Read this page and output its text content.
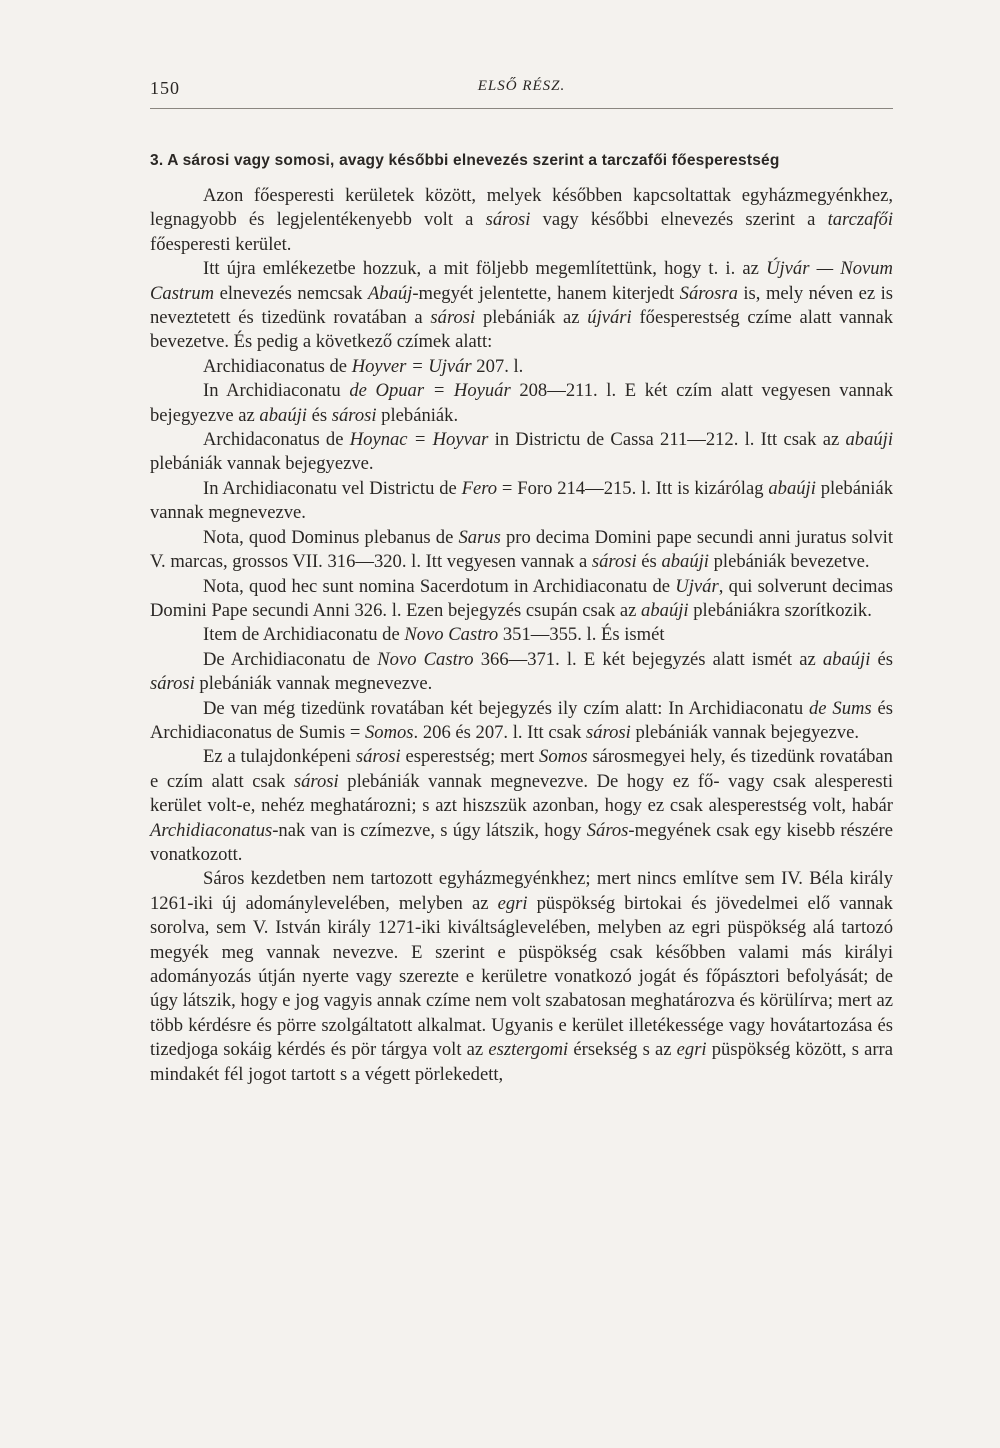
150	ELSŐ RÉSZ.
3. A sárosi vagy somosi, avagy későbbi elnevezés szerint a tarczafői főesperestség

Azon főesperesti kerületek között, melyek későbben kapcsoltattak egyházmegyénkhez, legnagyobb és legjelentékenyebb volt a sárosi vagy későbbi elnevezés szerint a tarczafői főesperesti kerület.

Itt újra emlékezetbe hozzuk, a mit följebb megemlítettünk, hogy t. i. az Újvár — Novum Castrum elnevezés nemcsak Abaúj-megyét jelentette, hanem kiterjedt Sárosra is, mely néven ez is neveztetett és tizedünk rovatában a sárosi plebániák az újvári főesperestség czíme alatt vannak bevezetve. És pedig a következő czímek alatt:

Archidiaconatus de Hoyver = Ujvár 207. l.

In Archidiaconatu de Opuar = Hoyuár 208—211. l. E két czím alatt vegyesen vannak bejegyezve az abaúji és sárosi plebániák.

Archidaconatus de Hoynac = Hoyvar in Districtu de Cassa 211—212. l. Itt csak az abaúji plebániák vannak bejegyezve.

In Archidiaconatu vel Districtu de Fero = Foro 214—215. l. Itt is kizárólag abaúji plebániák vannak megnevezve.

Nota, quod Dominus plebanus de Sarus pro decima Domini pape secundi anni juratus solvit V. marcas, grossos VII. 316—320. l. Itt vegyesen vannak a sárosi és abaúji plebániák bevezetve.

Nota, quod hec sunt nomina Sacerdotum in Archidiaconatu de Ujvár, qui solverunt decimas Domini Pape secundi Anni 326. l. Ezen bejegyzés csupán csak az abaúji plebániákra szorítkozik.

Item de Archidiaconatu de Novo Castro 351—355. l. És ismét

De Archidiaconatu de Novo Castro 366—371. l. E két bejegyzés alatt ismét az abaúji és sárosi plebániák vannak megnevezve.

De van még tizedünk rovatában két bejegyzés ily czím alatt: In Archidiaconatu de Sums és Archidiaconatus de Sumis = Somos. 206 és 207. l. Itt csak sárosi plebániák vannak bejegyezve.

Ez a tulajdonképeni sárosi esperestség; mert Somos sárosmegyei hely, és tizedünk rovatában e czím alatt csak sárosi plebániák vannak megnevezve. De hogy ez fő- vagy csak alesperesti kerület volt-e, nehéz meghatározni; s azt hiszszük azonban, hogy ez csak alesperestség volt, habár Archidiaconatus-nak van is czímezve, s úgy látszik, hogy Sáros-megyének csak egy kisebb részére vonatkozott.

Sáros kezdetben nem tartozott egyházmegyénkhez; mert nincs említve sem IV. Béla király 1261-iki új adománylevelében, melyben az egri püspökség birtokai és jövedelmei elő vannak sorolva, sem V. István király 1271-iki kiváltságlevelében, melyben az egri püspökség alá tartozó megyék meg vannak nevezve. E szerint e püspökség csak későbben valami más királyi adományozás útján nyerte vagy szerezte e kerületre vonatkozó jogát és főpásztori befolyását; de úgy látszik, hogy e jog vagyis annak czíme nem volt szabatosan meghatározva és körülírva; mert az több kérdésre és pörre szolgáltatott alkalmat. Ugyanis e kerület illetékessége vagy hovátartozása és tizedjoga sokáig kérdés és pör tárgya volt az esztergomi érsekség s az egri püspökség között, s arra mindakét fél jogot tartott s a végett pörlekedett,
